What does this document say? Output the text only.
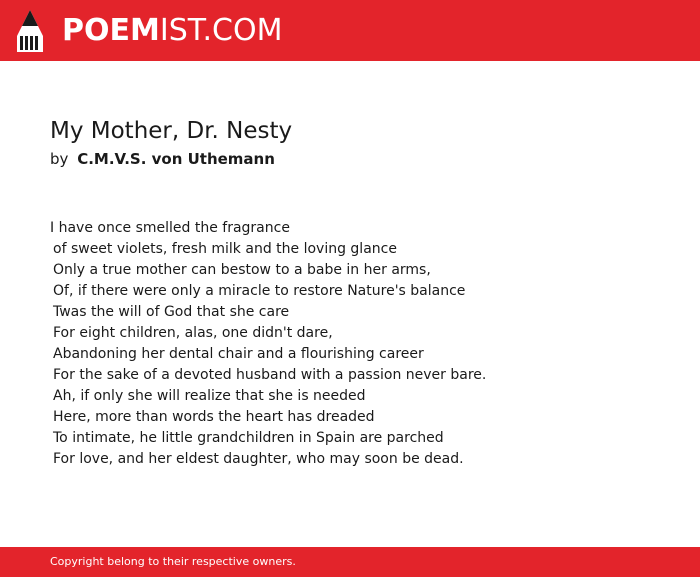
POEMIST.COM
My Mother, Dr. Nesty
by C.M.V.S. von Uthemann
I have once smelled the fragrance
of sweet violets, fresh milk and the loving glance
Only a true mother can bestow to a babe in her arms,
Of, if there were only a miracle to restore Nature's balance
Twas the will of God that she care
For eight children, alas, one didn't dare,
Abandoning her dental chair and a flourishing career
For the sake of a devoted husband with a passion never bare.
Ah, if only she will realize that she is needed
Here, more than words the heart has dreaded
To intimate, he little grandchildren in Spain are parched
For love, and her eldest daughter, who may soon be dead.
Copyright belong to their respective owners.
